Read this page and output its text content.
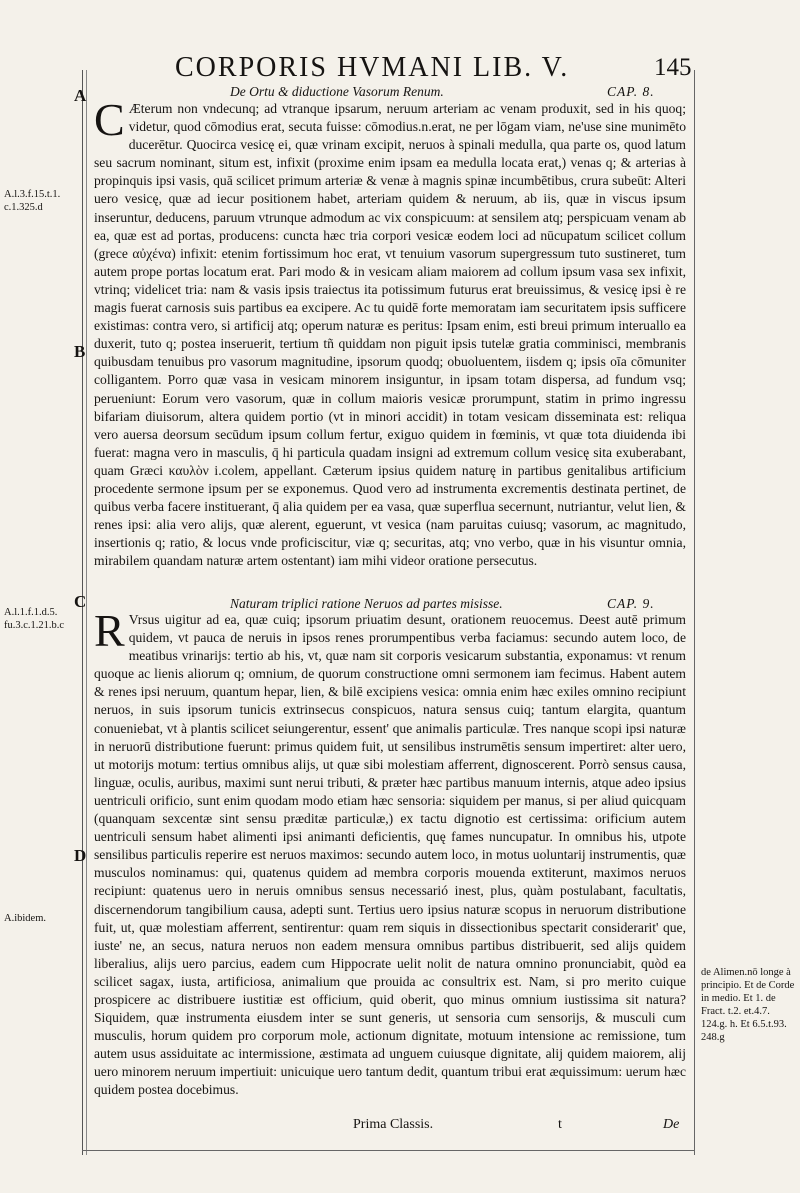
CORPORIS HVMANI LIB. V.	145
A	De Ortu & diductione Vasorum Renum.	CAP. 8.
C Æterum non vndecunq; ad vtranque ipsarum, neruum arteriam ac venam produxit, sed in his quoq; videtur, quod cōmodius erat, secuta fuisse: cōmodius.n.erat, ne per lōgam viam, ne'use sine munimēto ducerētur. Quocirca vesicę ei, quæ vrinam excipit, neruos à spinali medulla, qua parte os, quod latum seu sacrum nominant, situm est, infixit (proxime enim ipsam ea medulla locata erat,) venas q; & arterias à propinquis ipsi vasis, quā scilicet primum arteriæ & venæ à magnis spinæ incumbētibus, crura subeūt: Alteri uero vesicę, quæ ad iecur positionem habet, arteriam quidem & neruum, ab iis, quæ in viscus ipsum inseruntur, deducens, paruum vtrunque admodum ac vix conspicuum: at sensilem atq; perspicuam venam ab ea, quæ est ad portas, producens: cuncta hæc tria corpori vesicæ eodem loci ad nūcupatum scilicet collum (grece αὐχένα) infixit: etenim fortissimum hoc erat, vt tenuium vasorum supergressum tuto sustineret, tum autem prope portas locatum erat. Pari modo & in vesicam aliam maiorem ad collum ipsum vasa sex infixit, vtrinq; videlicet tria: nam & vasis ipsis traiectus ita potissimum futurus erat breuissimus, & vesicę ipsi è re magis fuerat carnosis suis partibus ea excipere. Ac tu quidē forte memoratam iam securitatem ipsis sufficere existimas: contra vero, si artificij atq; operum naturæ es peritus: Ipsam enim, esti breui primum interuallo ea duxerit, tuto q; postea inseruerit, tertium tñ quiddam non piguit ipsis tutelæ gratia comminisci, membranis quibusdam tenuibus pro vasorum magnitudine, ipsorum quodq; obuoluentem, iisdem q; ipsis oīa cōmuniter colligantem. Porro quæ vasa in vesicam minorem insiguntur, in ipsam totam dispersa, ad fundum vsq; perueniunt: Eorum vero vasorum, quæ in collum maioris vesicæ prorumpunt, statim in primo ingressu bifariam diuisorum, altera quidem portio (vt in minori accidit) in totam vesicam disseminata est: reliqua vero auersa deorsum secūdum ipsum collum fertur, exiguo quidem in fœminis, vt quæ tota diuidenda ibi fuerat: magna vero in masculis, q̄ hi particula quadam insigni ad extremum collum vesicę sita exuberabant, quam Græci καυλὸν i.colem, appellant. Cæterum ipsius quidem naturę in partibus genitalibus artificium procedente sermone ipsum per se exponemus. Quod vero ad instrumenta excrementis destinata pertinet, de quibus verba facere instituerant, q̄ alia quidem per ea vasa, quæ superflua secernunt, nutriantur, velut lien, & renes ipsi: alia vero alijs, quæ alerent, eguerunt, vt vesica (nam paruitas cuiusq; vasorum, ac magnitudo, insertionis q; ratio, & locus vnde proficiscitur, viæ q; securitas, atq; vno verbo, quæ in his visuntur omnia, mirabilem quandam naturæ artem ostentant) iam mihi videor oratione persecutus.
B
C	Naturam triplici ratione Neruos ad partes misisse.	CAP. 9.
R Vrsus uigitur ad ea, quæ cuiq; ipsorum priuatim desunt, orationem reuocemus. Deest autē primum quidem, vt pauca de neruis in ipsos renes prorumpentibus verba faciamus: secundo autem loco, de meatibus vrinarijs: tertio ab his, vt, quæ nam sit corporis vesicarum substantia, exponamus: vt renum quoque ac lienis aliorum q; omnium, de quorum constructione omni sermonem iam fecimus. Habent autem & renes ipsi neruum, quantum hepar, lien, & bilē excipiens vesica: omnia enim hæc exiles omnino recipiunt neruos, in suis ipsorum tunicis extrinsecus conspicuos, natura sensus cuiq; tantum elargita, quantum conueniebat, vt à plantis scilicet seiungerentur, essent' que animalis particulæ. Tres nanque scopi ipsi naturæ in neruorū distributione fuerunt: primus quidem fuit, ut sensilibus instrumētis sensum impertiret: alter uero, ut motorijs motum: tertius omnibus alijs, ut quæ sibi molestiam afferrent, dignoscerent. Porrò sensus causa, linguæ, oculis, auribus, maximi sunt nerui tributi, & præter hæc partibus manuum internis, atque adeo ipsius uentriculi orificio, sunt enim quodam modo etiam hæc sensoria: siquidem per manus, si per aliud quicquam (quanquam sexcentæ sint sensu præditæ particulæ,) ex tactu dignotio est certissima: orificium autem uentriculi sensum habet alimenti ipsi animanti deficientis, quę fames nuncupatur. In omnibus his, utpote sensilibus particulis reperire est neruos maximos: secundo autem loco, in motus uoluntarij instrumentis, quæ musculos nominamus: qui, quatenus quidem ad membra corporis mouenda extiterunt, maximos neruos recipiunt: quatenus uero in neruis omnibus sensus necessarió inest, plus, quàm postulabant, facultatis, discernendorum tangibilium causa, adepti sunt. Tertius uero ipsius naturæ scopus in neruorum distributione fuit, ut, quæ molestiam afferrent, sentirentur: quam rem siquis in dissectionibus spectarit considerarit' que, iuste' ne, an secus, natura neruos non eadem mensura omnibus partibus distribuerit, sed alijs quidem liberalius, alijs uero parcius, eadem cum Hippocrate uelit nolit de natura omnino pronunciabit, quòd ea scilicet sagax, iusta, artificiosa, animalium que prouida ac consultrix est. Nam, si pro merito cuique prospicere ac distribuere iustitiæ est officium, quid oberit, quo minus omnium iustissima sit natura? Siquidem, quæ instrumenta eiusdem inter se sunt generis, ut sensoria cum sensorijs, & musculi cum musculis, horum quidem pro corporum mole, actionum dignitate, motuum intensione ac remissione, tum autem usus assiduitate ac intermissione, æstimata ad unguem cuiusque dignitate, alij quidem maiorem, alij uero minorem neruum impertiuit: unicuique uero tantum dedit, quantum tribui erat æquissimum: uerum hæc quidem postea docebimus.
D
A.l.3.f.15.t.1. c.1.325.d
A.l.1.f.1.d.5. fu.3.c.1.21.b.c
A.ibidem.
de Alimen.nō longe à principio. Et de Corde in medio. Et 1. de Fract. t.2. et.4.7. 124.g. h. Et 6.5.t.93. 248.g
Prima Classis.	t	De
